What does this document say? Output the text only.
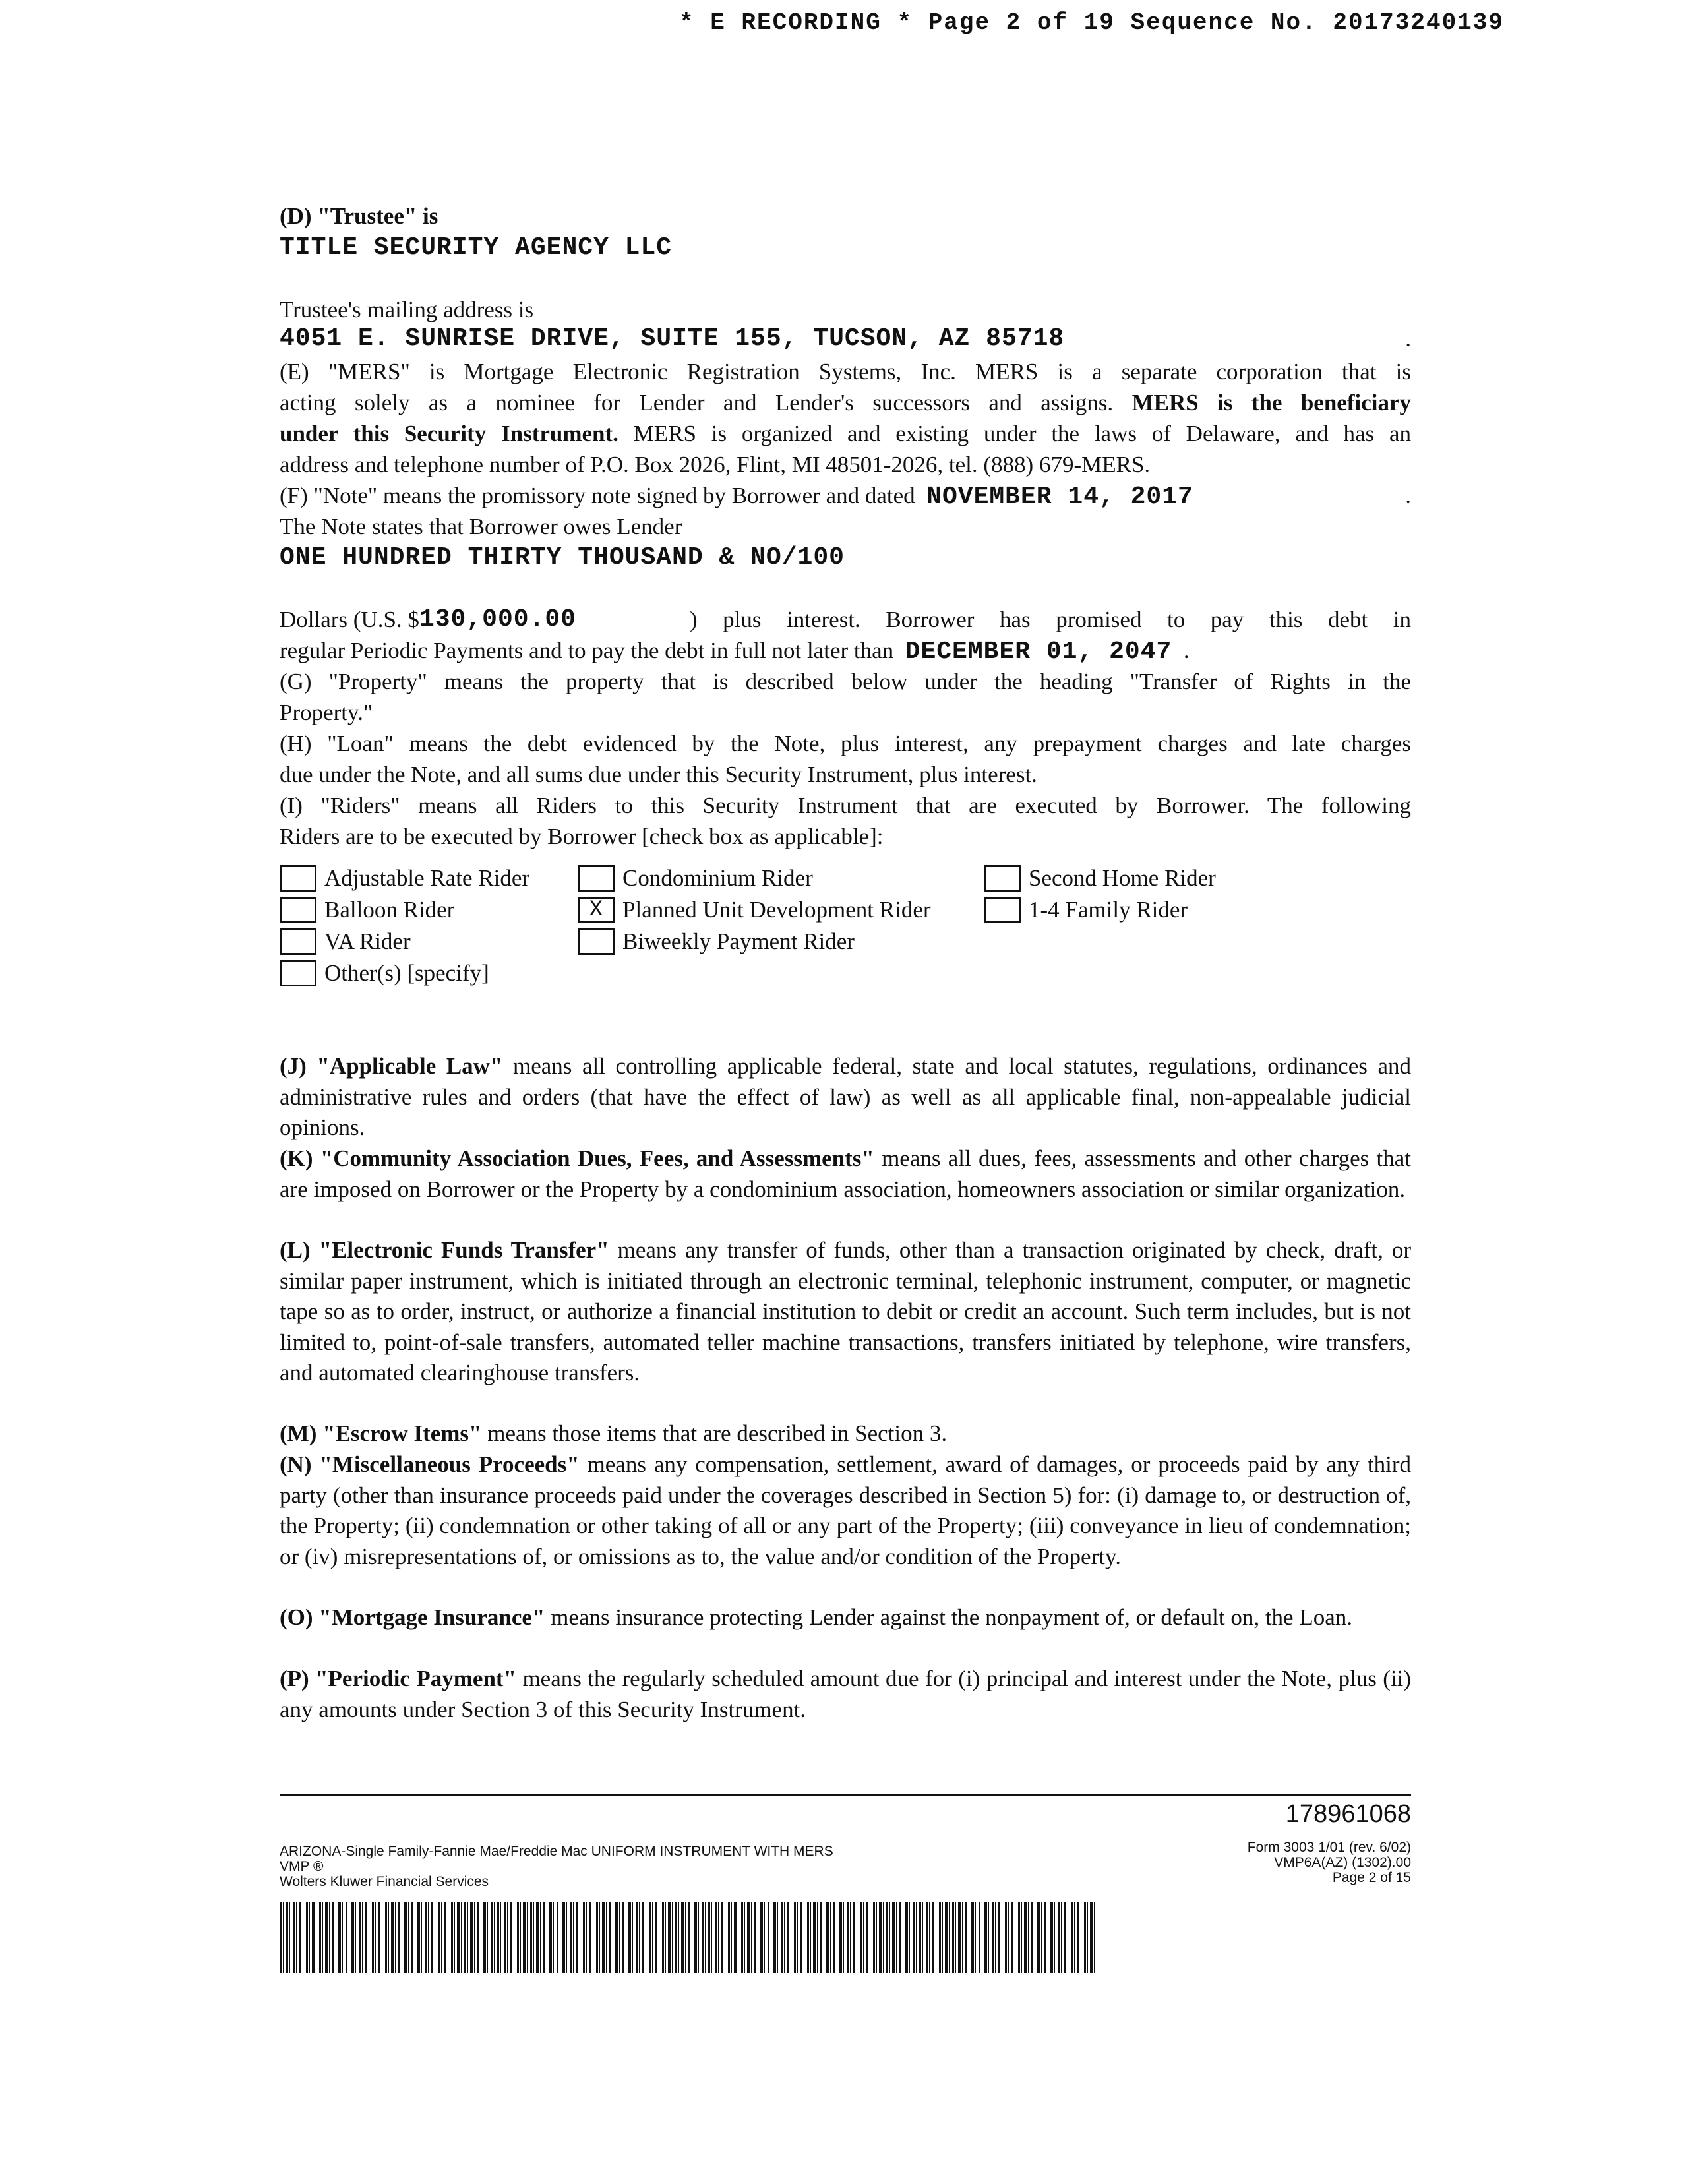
* E RECORDING * Page 2 of 19 Sequence No. 20173240139
(D) "Trustee" is
TITLE SECURITY AGENCY LLC
Trustee's mailing address is
4051 E. SUNRISE DRIVE, SUITE 155, TUCSON, AZ 85718	.
(E) "MERS" is Mortgage Electronic Registration Systems, Inc. MERS is a separate corporation that is
acting solely as a nominee for Lender and Lender's successors and assigns. MERS is the beneficiary
under this Security Instrument. MERS is organized and existing under the laws of Delaware, and has an
address and telephone number of P.O. Box 2026, Flint, MI 48501-2026, tel. (888) 679-MERS.
(F) "Note" means the promissory note signed by Borrower and dated NOVEMBER 14, 2017	.
The Note states that Borrower owes Lender
ONE HUNDRED THIRTY THOUSAND & NO/100
Dollars (U.S. $ 130,000.00	) plus interest. Borrower has promised to pay this debt in
regular Periodic Payments and to pay the debt in full not later than DECEMBER 01, 2047 .
(G) "Property" means the property that is described below under the heading "Transfer of Rights in the
Property."
(H) "Loan" means the debt evidenced by the Note, plus interest, any prepayment charges and late charges
due under the Note, and all sums due under this Security Instrument, plus interest.
(I) "Riders" means all Riders to this Security Instrument that are executed by Borrower. The following
Riders are to be executed by Borrower [check box as applicable]:
Adjustable Rate Rider	Condominium Rider	Second Home Rider
Balloon Rider	X Planned Unit Development Rider	1-4 Family Rider
VA Rider	Biweekly Payment Rider
Other(s) [specify]
(J) "Applicable Law" means all controlling applicable federal, state and local statutes, regulations, ordinances and administrative rules and orders (that have the effect of law) as well as all applicable final, non-appealable judicial opinions.
(K) "Community Association Dues, Fees, and Assessments" means all dues, fees, assessments and other charges that are imposed on Borrower or the Property by a condominium association, homeowners association or similar organization.
(L) "Electronic Funds Transfer" means any transfer of funds, other than a transaction originated by check, draft, or similar paper instrument, which is initiated through an electronic terminal, telephonic instrument, computer, or magnetic tape so as to order, instruct, or authorize a financial institution to debit or credit an account. Such term includes, but is not limited to, point-of-sale transfers, automated teller machine transactions, transfers initiated by telephone, wire transfers, and automated clearinghouse transfers.
(M) "Escrow Items" means those items that are described in Section 3.
(N) "Miscellaneous Proceeds" means any compensation, settlement, award of damages, or proceeds paid by any third party (other than insurance proceeds paid under the coverages described in Section 5) for: (i) damage to, or destruction of, the Property; (ii) condemnation or other taking of all or any part of the Property; (iii) conveyance in lieu of condemnation; or (iv) misrepresentations of, or omissions as to, the value and/or condition of the Property.
(O) "Mortgage Insurance" means insurance protecting Lender against the nonpayment of, or default on, the Loan.
(P) "Periodic Payment" means the regularly scheduled amount due for (i) principal and interest under the Note, plus (ii) any amounts under Section 3 of this Security Instrument.
178961068
ARIZONA-Single Family-Fannie Mae/Freddie Mac UNIFORM INSTRUMENT WITH MERS
VMP ®
Wolters Kluwer Financial Services
Form 3003 1/01 (rev. 6/02)
VMP6A(AZ) (1302).00
Page 2 of 15
